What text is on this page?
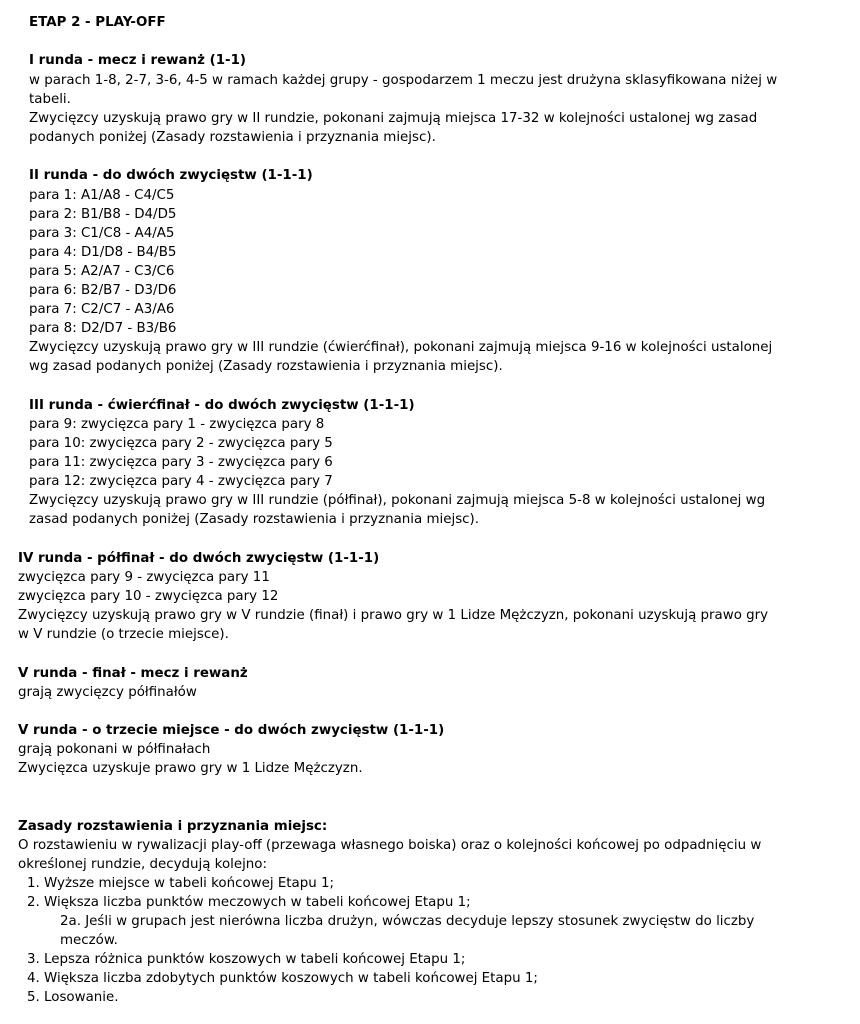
ETAP 2 - PLAY-OFF
I runda - mecz i rewanż (1-1)
w parach 1-8, 2-7, 3-6, 4-5 w ramach każdej grupy - gospodarzem 1 meczu jest drużyna sklasyfikowana niżej w
tabeli.
Zwycięzcy uzyskują prawo gry w II rundzie, pokonani zajmują miejsca 17-32 w kolejności ustalonej wg zasad
podanych poniżej (Zasady rozstawienia i przyznania miejsc).
II runda - do dwóch zwycięstw (1-1-1)
para 1: A1/A8 - C4/C5
para 2: B1/B8 - D4/D5
para 3: C1/C8 - A4/A5
para 4: D1/D8 - B4/B5
para 5: A2/A7 - C3/C6
para 6: B2/B7 - D3/D6
para 7: C2/C7 - A3/A6
para 8: D2/D7 - B3/B6
Zwycięzcy uzyskują prawo gry w III rundzie (ćwierćfinał), pokonani zajmują miejsca 9-16 w kolejności ustalonej
wg zasad podanych poniżej (Zasady rozstawienia i przyznania miejsc).
III runda - ćwierćfinał - do dwóch zwycięstw (1-1-1)
para 9: zwycięzca pary 1 - zwycięzca pary 8
para 10: zwycięzca pary 2 - zwycięzca pary 5
para 11: zwycięzca pary 3 - zwycięzca pary 6
para 12: zwycięzca pary 4 - zwycięzca pary 7
Zwycięzcy uzyskują prawo gry w III rundzie (półfinał), pokonani zajmują miejsca 5-8 w kolejności ustalonej wg
zasad podanych poniżej (Zasady rozstawienia i przyznania miejsc).
IV runda - półfinał - do dwóch zwycięstw (1-1-1)
zwycięzca pary 9 - zwycięzca pary 11
zwycięzca pary 10 - zwycięzca pary 12
Zwycięzcy uzyskują prawo gry w V rundzie (finał) i prawo gry w 1 Lidze Mężczyzn, pokonani uzyskują prawo gry
w V rundzie (o trzecie miejsce).
V runda - finał - mecz i rewanż
grają zwycięzcy półfinałów
V runda - o trzecie miejsce - do dwóch zwycięstw (1-1-1)
grają pokonani w półfinałach
Zwycięzca uzyskuje prawo gry w 1 Lidze Mężczyzn.
Zasady rozstawienia i przyznania miejsc:
O rozstawieniu w rywalizacji play-off (przewaga własnego boiska) oraz o kolejności końcowej po odpadnięciu w
określonej rundzie, decydują kolejno:
1. Wyższe miejsce w tabeli końcowej Etapu 1;
2. Większa liczba punktów meczowych w tabeli końcowej Etapu 1;
2a. Jeśli w grupach jest nierówna liczba drużyn, wówczas decyduje lepszy stosunek zwycięstw do liczby
meczów.
3. Lepsza różnica punktów koszowych w tabeli końcowej Etapu 1;
4. Większa liczba zdobytych punktów koszowych w tabeli końcowej Etapu 1;
5. Losowanie.
